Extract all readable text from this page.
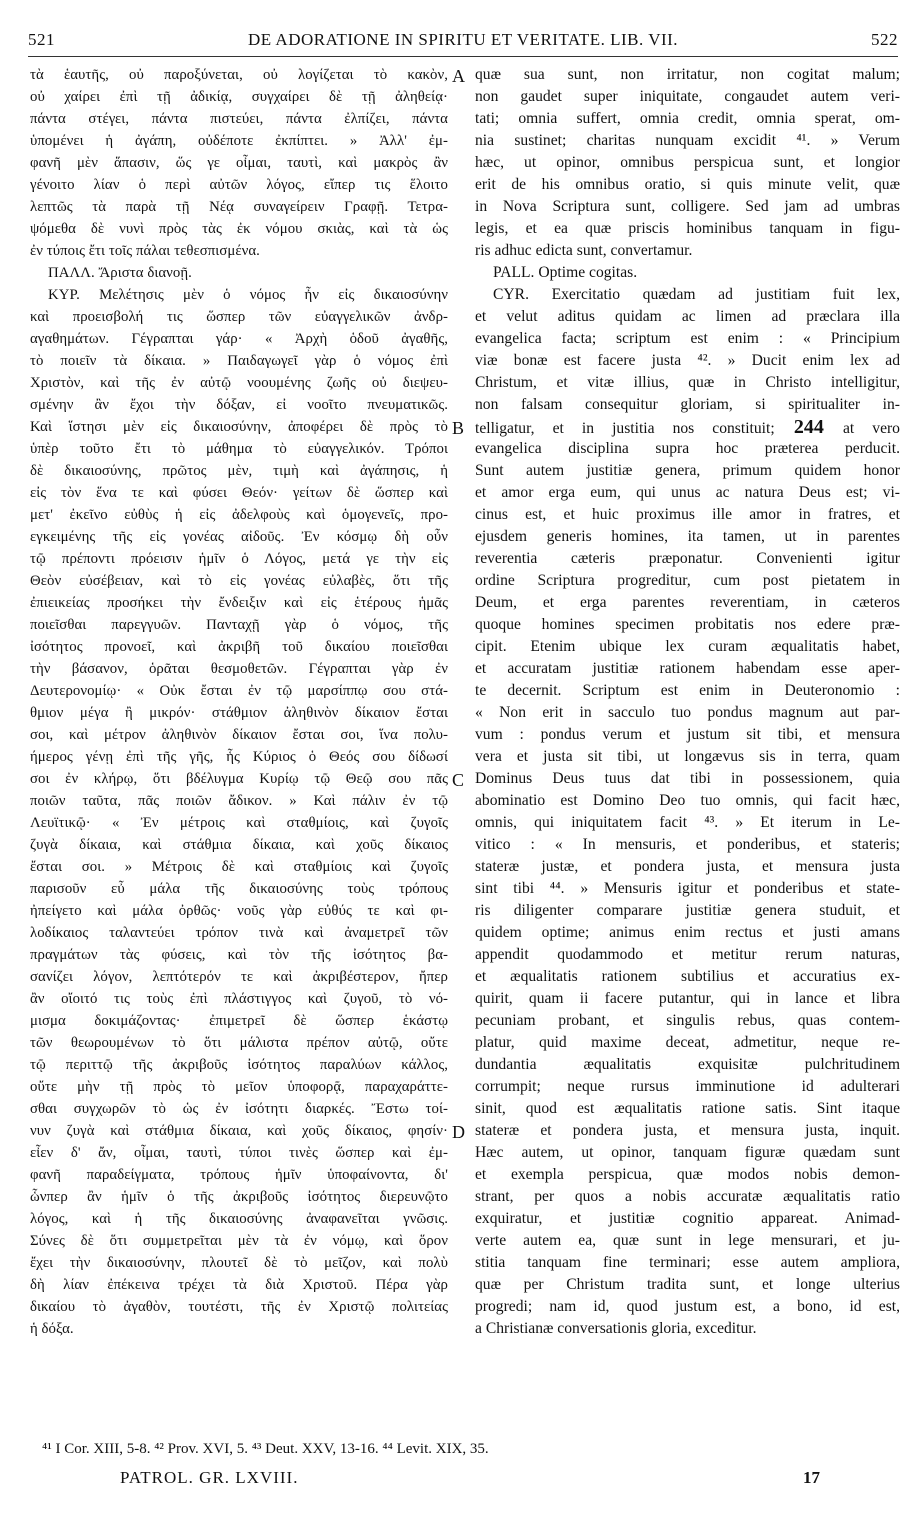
521	DE ADORATIONE IN SPIRITU ET VERITATE. LIB. VII.	522
τὰ ἑαυτῆς, οὐ παροξύνεται, οὐ λογίζεται τὸ κακὸν,
οὐ χαίρει ἐπὶ τῇ ἀδικίᾳ, συγχαίρει δὲ τῇ ἀληθείᾳ·
πάντα στέγει, πάντα πιστεύει, πάντα ἐλπίζει, πάντα
ὑπομένει ἡ ἀγάπη, οὐδέποτε ἐκπίπτει. » Ἀλλ' ἐμ-
φανῆ μὲν ἅπασιν, ὥς γε οἶμαι, ταυτὶ, καὶ μακρὸς ἂν
γένοιτο λίαν ὁ περὶ αὐτῶν λόγος, εἴπερ τις ἕλοιτο
λεπτῶς τὰ παρὰ τῇ Νέᾳ συναγείρειν Γραφῇ. Τετρα-
ψόμεθα δὲ νυνὶ πρὸς τὰς ἐκ νόμου σκιὰς, καὶ τὰ ὡς
ἐν τύποις ἔτι τοῖς πάλαι τεθεσπισμένα.
ΠΑΛΛ. Ἄριστα διανοῇ.
ΚΥΡ. Μελέτησις μὲν ὁ νόμος ἦν εἰς δικαιοσύνην
καὶ προεισβολή τις ὥσπερ τῶν εὐαγγελικῶν ἀνδρ-
αγαθημάτων. Γέγραπται γάρ· « Ἀρχὴ ὁδοῦ ἀγαθῆς,
τὸ ποιεῖν τὰ δίκαια. » Παιδαγωγεῖ γὰρ ὁ νόμος ἐπὶ
Χριστὸν, καὶ τῆς ἐν αὐτῷ νοουμένης ζωῆς οὐ διεψευ-
σμένην ἂν ἔχοι τὴν δόξαν, εἰ νοοῖτο πνευματικῶς.
Καὶ ἵστησι μὲν εἰς δικαιοσύνην, ἀποφέρει δὲ πρὸς τὸ
ὑπὲρ τοῦτο ἔτι τὸ μάθημα τὸ εὐαγγελικόν. Τρόποι
δὲ δικαιοσύνης, πρῶτος μὲν, τιμὴ καὶ ἀγάπησις, ἡ
εἰς τὸν ἕνα τε καὶ φύσει Θεόν· γείτων δὲ ὥσπερ καὶ
μετ' ἐκεῖνο εὐθὺς ἡ εἰς ἀδελφοὺς καὶ ὁμογενεῖς, προ-
εγκειμένης τῆς εἰς γονέας αἰδοῦς. Ἐν κόσμῳ δὴ οὖν
τῷ πρέποντι πρόεισιν ἡμῖν ὁ Λόγος, μετά γε τὴν εἰς
Θεὸν εὐσέβειαν, καὶ τὸ εἰς γονέας εὐλαβὲς, ὅτι τῆς
ἐπιεικείας προσήκει τὴν ἔνδειξιν καὶ εἰς ἑτέρους ἡμᾶς
ποιεῖσθαι παρεγγυῶν. Πανταχῇ γὰρ ὁ νόμος, τῆς
ἰσότητος προνοεῖ, καὶ ἀκριβῆ τοῦ δικαίου ποιεῖσθαι
τὴν βάσανον, ὁρᾶται θεσμοθετῶν. Γέγραπται γὰρ ἐν
Δευτερονομίῳ· « Οὐκ ἔσται ἐν τῷ μαρσίππῳ σου στά-
θμιον μέγα ἢ μικρόν· στάθμιον ἀληθινὸν δίκαιον ἔσται
σοι, καὶ μέτρον ἀληθινὸν δίκαιον ἔσται σοι, ἵνα πολυ-
ήμερος γένῃ ἐπὶ τῆς γῆς, ἧς Κύριος ὁ Θεός σου δίδωσί
σοι ἐν κλήρῳ, ὅτι βδέλυγμα Κυρίῳ τῷ Θεῷ σου πᾶς
ποιῶν ταῦτα, πᾶς ποιῶν ἄδικον. » Καὶ πάλιν ἐν τῷ
Λευϊτικῷ· « Ἐν μέτροις καὶ σταθμίοις, καὶ ζυγοῖς
ζυγὰ δίκαια, καὶ στάθμια δίκαια, καὶ χοῦς δίκαιος
ἔσται σοι. » Μέτροις δὲ καὶ σταθμίοις καὶ ζυγοῖς
παρισοῦν εὖ μάλα τῆς δικαιοσύνης τοὺς τρόπους
ἠπείγετο καὶ μάλα ὀρθῶς· νοῦς γὰρ εὐθύς τε καὶ φι-
λοδίκαιος ταλαντεύει τρόπον τινὰ καὶ ἀναμετρεῖ τῶν
πραγμάτων τὰς φύσεις, καὶ τὸν τῆς ἰσότητος βα-
σανίζει λόγον, λεπτότερόν τε καὶ ἀκριβέστερον, ἤπερ
ἂν οἴοιτό τις τοὺς ἐπὶ πλάστιγγος καὶ ζυγοῦ, τὸ νό-
μισμα δοκιμάζοντας· ἐπιμετρεῖ δὲ ὥσπερ ἑκάστῳ
τῶν θεωρουμένων τὸ ὅτι μάλιστα πρέπον αὐτῷ, οὔτε
τῷ περιττῷ τῆς ἀκριβοῦς ἰσότητος παραλύων κάλλος,
οὔτε μὴν τῇ πρὸς τὸ μεῖον ὑποφορᾷ, παραχαράττε-
σθαι συγχωρῶν τὸ ὡς ἐν ἰσότητι διαρκές. Ἔστω τοί-
νυν ζυγὰ καὶ στάθμια δίκαια, καὶ χοῦς δίκαιος, φησίν·
εἶεν δ' ἄν, οἶμαι, ταυτὶ, τύποι τινὲς ὥσπερ καὶ ἐμ-
φανῆ παραδείγματα, τρόπους ἡμῖν ὑποφαίνοντα, δι'
ὧνπερ ἂν ἡμῖν ὁ τῆς ἀκριβοῦς ἰσότητος διερευνῷτο
λόγος, καὶ ἡ τῆς δικαιοσύνης ἀναφανεῖται γνῶσις.
Σύνες δὲ ὅτι συμμετρεῖται μὲν τὰ ἐν νόμῳ, καὶ ὅρον
ἔχει τὴν δικαιοσύνην, πλουτεῖ δὲ τὸ μεῖζον, καὶ πολὺ
δὴ λίαν ἐπέκεινα τρέχει τὰ διὰ Χριστοῦ. Πέρα γὰρ
δικαίου τὸ ἀγαθὸν, τουτέστι, τῆς ἐν Χριστῷ πολιτείας
ἡ δόξα.
quæ sua sunt, non irritatur, non cogitat malum;
non gaudet super iniquitate, congaudet autem veri-
tati; omnia suffert, omnia credit, omnia sperat, om-
nia sustinet; charitas nunquam excidit ⁴¹. » Verum
hæc, ut opinor, omnibus perspicua sunt, et longior
erit de his omnibus oratio, si quis minute velit, quæ
in Nova Scriptura sunt, colligere. Sed jam ad umbras
legis, et ea quæ priscis hominibus tanquam in figu-
ris adhuc edicta sunt, convertamur.
PALL. Optime cogitas.
CYR. Exercitatio quædam ad justitiam fuit lex,
et velut aditus quidam ac limen ad præclara illa
evangelica facta; scriptum est enim : « Principium
viæ bonæ est facere justa ⁴². » Ducit enim lex ad
Christum, et vitæ illius, quæ in Christo intelligitur,
non falsam consequitur gloriam, si spiritualiter in-
telligatur, et in justitia nos constituit; 244 at vero
evangelica disciplina supra hoc præterea perducit.
Sunt autem justitiæ genera, primum quidem honor
et amor erga eum, qui unus ac natura Deus est; vi-
cinus est, et huic proximus ille amor in fratres, et
ejusdem generis homines, ita tamen, ut in parentes
reverentia cæteris præponatur. Convenienti igitur
ordine Scriptura progreditur, cum post pietatem in
Deum, et erga parentes reverentiam, in cæteros
quoque homines specimen probitatis nos edere præ-
cipit. Etenim ubique lex curam æqualitatis habet,
et accuratam justitiæ rationem habendam esse aper-
te decernit. Scriptum est enim in Deuteronomio :
« Non erit in sacculo tuo pondus magnum aut par-
vum : pondus verum et justum sit tibi, et mensura
vera et justa sit tibi, ut longævus sis in terra, quam
Dominus Deus tuus dat tibi in possessionem, quia
abominatio est Domino Deo tuo omnis, qui facit hæc,
omnis, qui iniquitatem facit ⁴³. » Et iterum in Le-
vitico : « In mensuris, et ponderibus, et stateris;
stateræ justæ, et pondera justa, et mensura justa
sint tibi ⁴⁴. » Mensuris igitur et ponderibus et state-
ris diligenter comparare justitiæ genera studuit, et
quidem optime; animus enim rectus et justi amans
appendit quodammodo et metitur rerum naturas,
et æqualitatis rationem subtilius et accuratius ex-
quirit, quam ii facere putantur, qui in lance et libra
pecuniam probant, et singulis rebus, quas contem-
platur, quid maxime deceat, admetitur, neque re-
dundantia æqualitatis exquisitæ pulchritudinem
corrumpit; neque rursus imminutione id adulterari
sinit, quod est æqualitatis ratione satis. Sint itaque
stateræ et pondera justa, et mensura justa, inquit.
Hæc autem, ut opinor, tanquam figuræ quædam sunt
et exempla perspicua, quæ modos nobis demon-
strant, per quos a nobis accuratæ æqualitatis ratio
exquiratur, et justitiæ cognitio appareat. Animad-
verte autem ea, quæ sunt in lege mensurari, et ju-
stitia tanquam fine terminari; esse autem ampliora,
quæ per Christum tradita sunt, et longe ulterius
progredi; nam id, quod justum est, a bono, id est,
a Christianæ conversationis gloria, exceditur.
A
B
C
D
⁴¹ I Cor. XIII, 5-8. ⁴² Prov. XVI, 5. ⁴³ Deut. XXV, 13-16. ⁴⁴ Levit. XIX, 35.
PATROL. GR. LXVIII.	17
